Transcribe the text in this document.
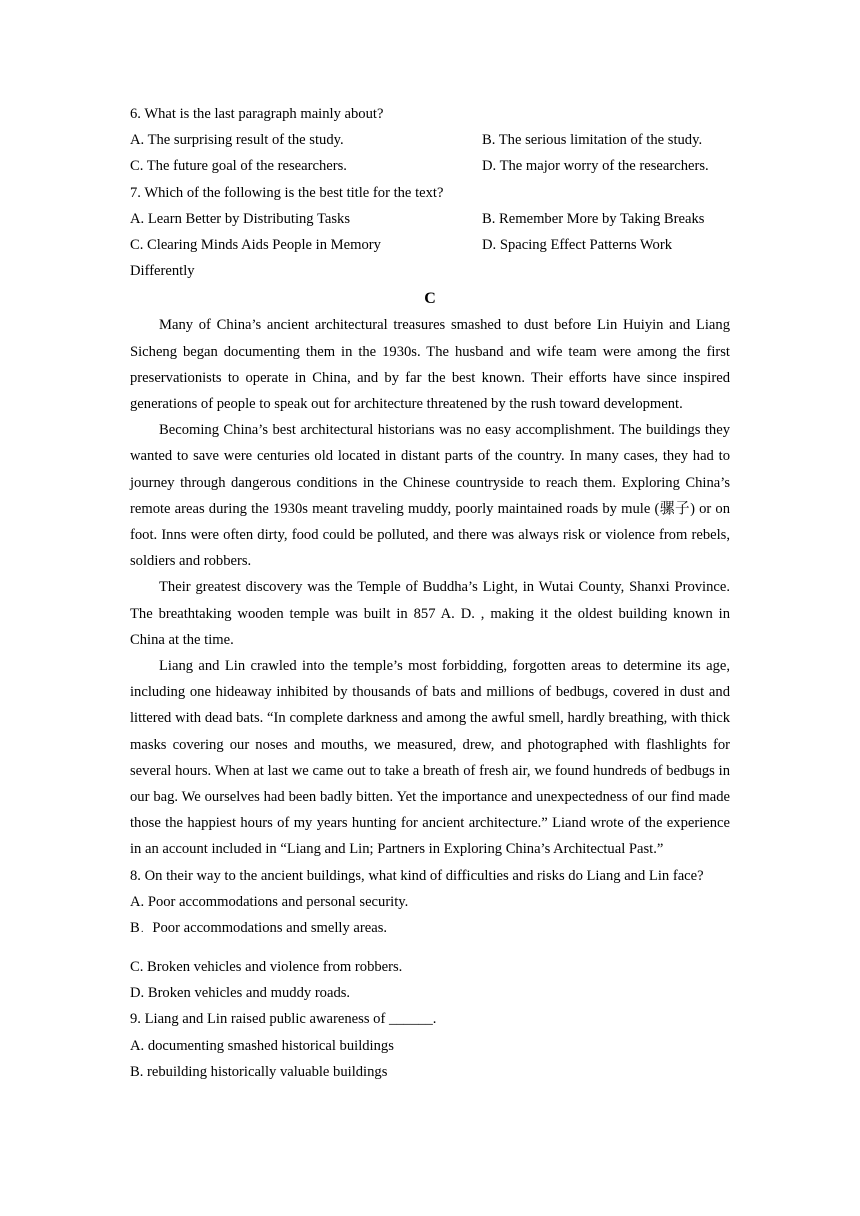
6. What is the last paragraph mainly about?
A. The surprising result of the study.	B. The serious limitation of the study.
C. The future goal of the researchers.	D. The major worry of the researchers.
7. Which of the following is the best title for the text?
A. Learn Better by Distributing Tasks	B. Remember More by Taking Breaks
C. Clearing Minds Aids People in Memory	D. Spacing Effect Patterns Work
Differently
C

Many of China’s ancient architectural treasures smashed to dust before Lin Huiyin and Liang Sicheng began documenting them in the 1930s. The husband and wife team were among the first preservationists to operate in China, and by far the best known. Their efforts have since inspired generations of people to speak out for architecture threatened by the rush toward development.

Becoming China’s best architectural historians was no easy accomplishment. The buildings they wanted to save were centuries old located in distant parts of the country. In many cases, they had to journey through dangerous conditions in the Chinese countryside to reach them. Exploring China’s remote areas during the 1930s meant traveling muddy, poorly maintained roads by mule (骡子) or on foot. Inns were often dirty, food could be polluted, and there was always risk or violence from rebels, soldiers and robbers.

Their greatest discovery was the Temple of Buddha’s Light, in Wutai County, Shanxi Province. The breathtaking wooden temple was built in 857 A. D. , making it the oldest building known in China at the time.

Liang and Lin crawled into the temple’s most forbidding, forgotten areas to determine its age, including one hideaway inhibited by thousands of bats and millions of bedbugs, covered in dust and littered with dead bats. “In complete darkness and among the awful smell, hardly breathing, with thick masks covering our noses and mouths, we measured, drew, and photographed with flashlights for several hours. When at last we came out to take a breath of fresh air, we found hundreds of bedbugs in our bag. We ourselves had been badly bitten. Yet the importance and unexpectedness of our find made those the happiest hours of my years hunting for ancient architecture.” Liand wrote of the experience in an account included in “Liang and Lin; Partners in Exploring China’s Architectual Past.”

8. On their way to the ancient buildings, what kind of difficulties and risks do Liang and Lin face?
A. Poor accommodations and personal security.
B . Poor accommodations and smelly areas.
C. Broken vehicles and violence from robbers.
D. Broken vehicles and muddy roads.
9. Liang and Lin raised public awareness of ______.
A. documenting smashed historical buildings
B. rebuilding historically valuable buildings
